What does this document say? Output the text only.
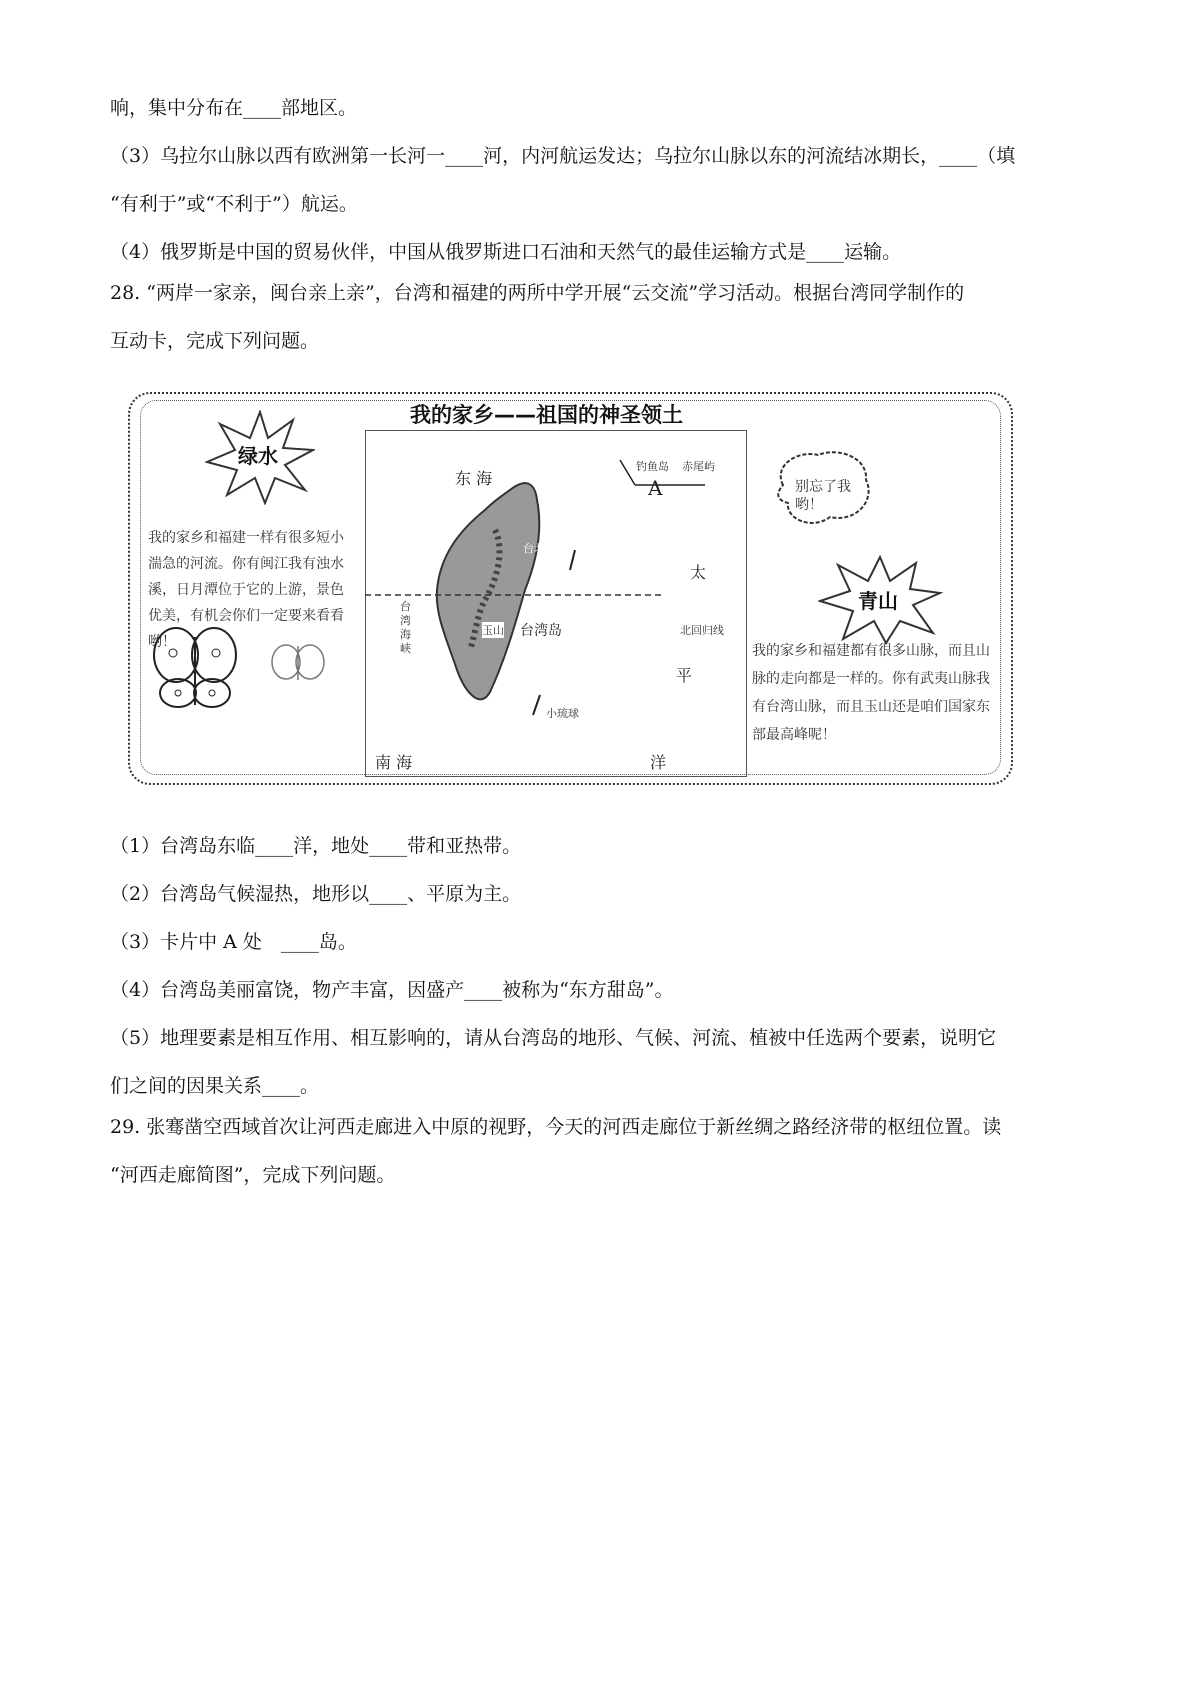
响，集中分布在____部地区。
（3）乌拉尔山脉以西有欧洲第一长河一____河，内河航运发达；乌拉尔山脉以东的河流结冰期长，____（填
“有利于”或“不利于”）航运。
（4）俄罗斯是中国的贸易伙伴，中国从俄罗斯进口石油和天然气的最佳运输方式是____运输。
28. “两岸一家亲，闽台亲上亲”，台湾和福建的两所中学开展“云交流”学习活动。根据台湾同学制作的
互动卡，完成下列问题。
我的家乡——祖国的神圣领土
绿水
我的家乡和福建一样有很多短小湍急的河流。你有闽江我有浊水溪，日月潭位于它的上游，景色优美，有机会你们一定要来看看哟！
东 海
南 海
太
平
洋
A
钓鱼岛 赤尾屿
台北
玉山 台湾岛	北回归线
台湾海峡
小琉球
别忘了我哟！
青山
我的家乡和福建都有很多山脉，而且山脉的走向都是一样的。你有武夷山脉我有台湾山脉，而且玉山还是咱们国家东部最高峰呢！
（1）台湾岛东临____洋，地处____带和亚热带。
（2）台湾岛气候湿热，地形以____、平原为主。
（3）卡片中 A 处　____岛。
（4）台湾岛美丽富饶，物产丰富，因盛产____被称为“东方甜岛”。
（5）地理要素是相互作用、相互影响的，请从台湾岛的地形、气候、河流、植被中任选两个要素，说明它
们之间的因果关系____。
29. 张骞凿空西域首次让河西走廊进入中原的视野，今天的河西走廊位于新丝绸之路经济带的枢纽位置。读
“河西走廊简图”，完成下列问题。
